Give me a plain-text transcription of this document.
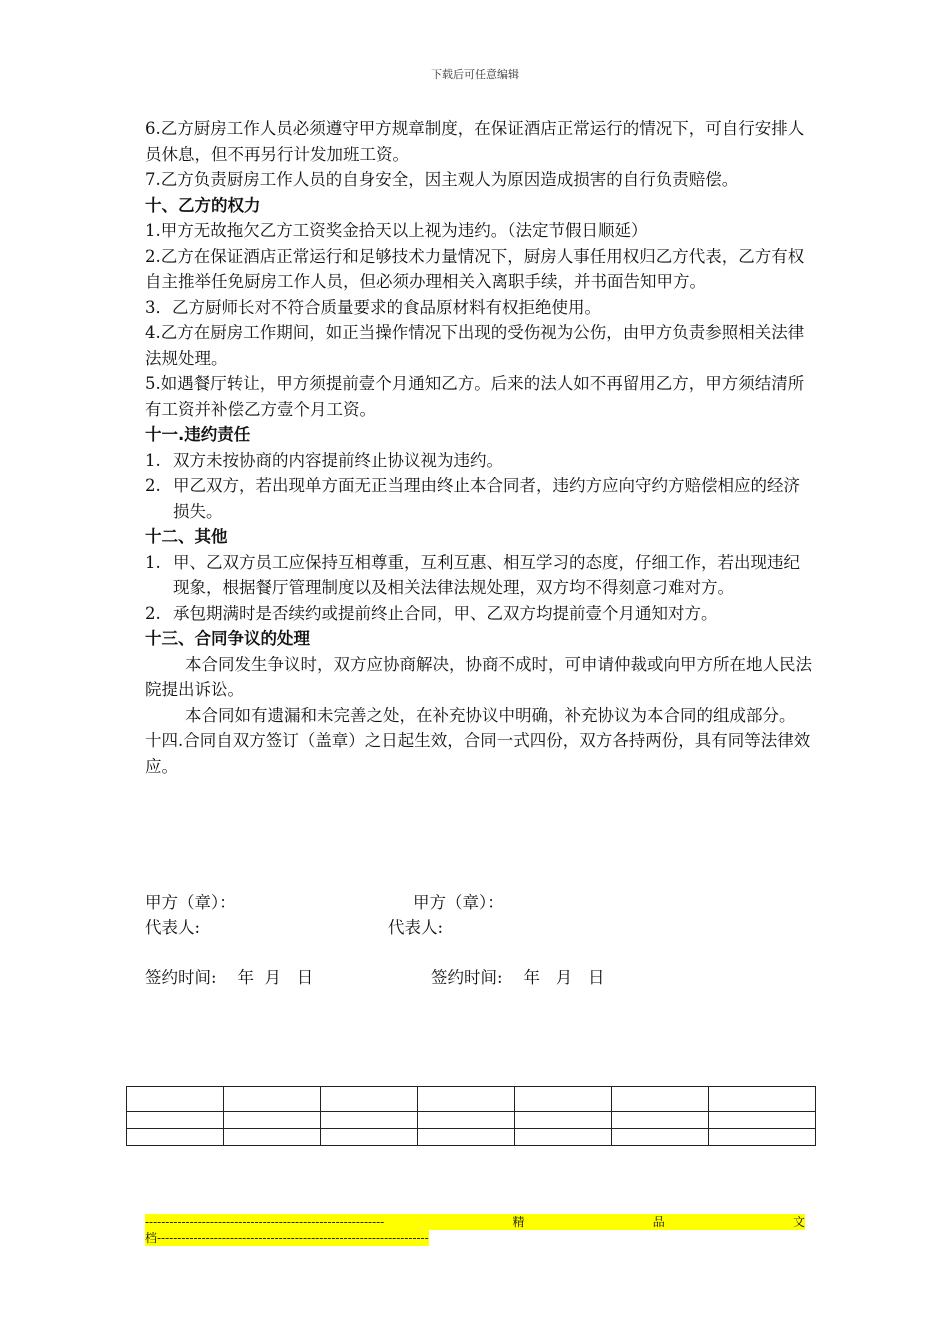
下载后可任意编辑

6.乙方厨房工作人员必须遵守甲方规章制度，在保证酒店正常运行的情况下，可自行安排人员休息，但不再另行计发加班工资。

7.乙方负责厨房工作人员的自身安全，因主观人为原因造成损害的自行负责赔偿。

十、乙方的权力

1.甲方无故拖欠乙方工资奖金拾天以上视为违约。（法定节假日顺延）

2.乙方在保证酒店正常运行和足够技术力量情况下，厨房人事任用权归乙方代表，乙方有权自主推举任免厨房工作人员，但必须办理相关入离职手续，并书面告知甲方。

3．乙方厨师长对不符合质量要求的食品原材料有权拒绝使用。

4.乙方在厨房工作期间，如正当操作情况下出现的受伤视为公伤，由甲方负责参照相关法律法规处理。

5.如遇餐厅转让，甲方须提前壹个月通知乙方。后来的法人如不再留用乙方，甲方须结清所有工资并补偿乙方壹个月工资。

十一.违约责任

1. 双方未按协商的内容提前终止协议视为违约。
2. 甲乙双方，若出现单方面无正当理由终止本合同者，违约方应向守约方赔偿相应的经济损失。

十二、其他

1. 甲、乙双方员工应保持互相尊重，互利互惠、相互学习的态度，仔细工作，若出现违纪现象，根据餐厅管理制度以及相关法律法规处理，双方均不得刻意刁难对方。
2. 承包期满时是否续约或提前终止合同，甲、乙双方均提前壹个月通知对方。

十三、合同争议的处理

本合同发生争议时，双方应协商解决，协商不成时，可申请仲裁或向甲方所在地人民法院提出诉讼。

本合同如有遗漏和未完善之处，在补充协议中明确，补充协议为本合同的组成部分。

十四.合同自双方签订（盖章）之日起生效，合同一式四份，双方各持两份，具有同等法律效应。

甲方（章）：	甲方（章）：
代表人:	代表人:
签约时间:    年  月   日	签约时间:    年   月   日

-----------------------------------------------------------	精	品	文
档-------------------------------------------------------------------
